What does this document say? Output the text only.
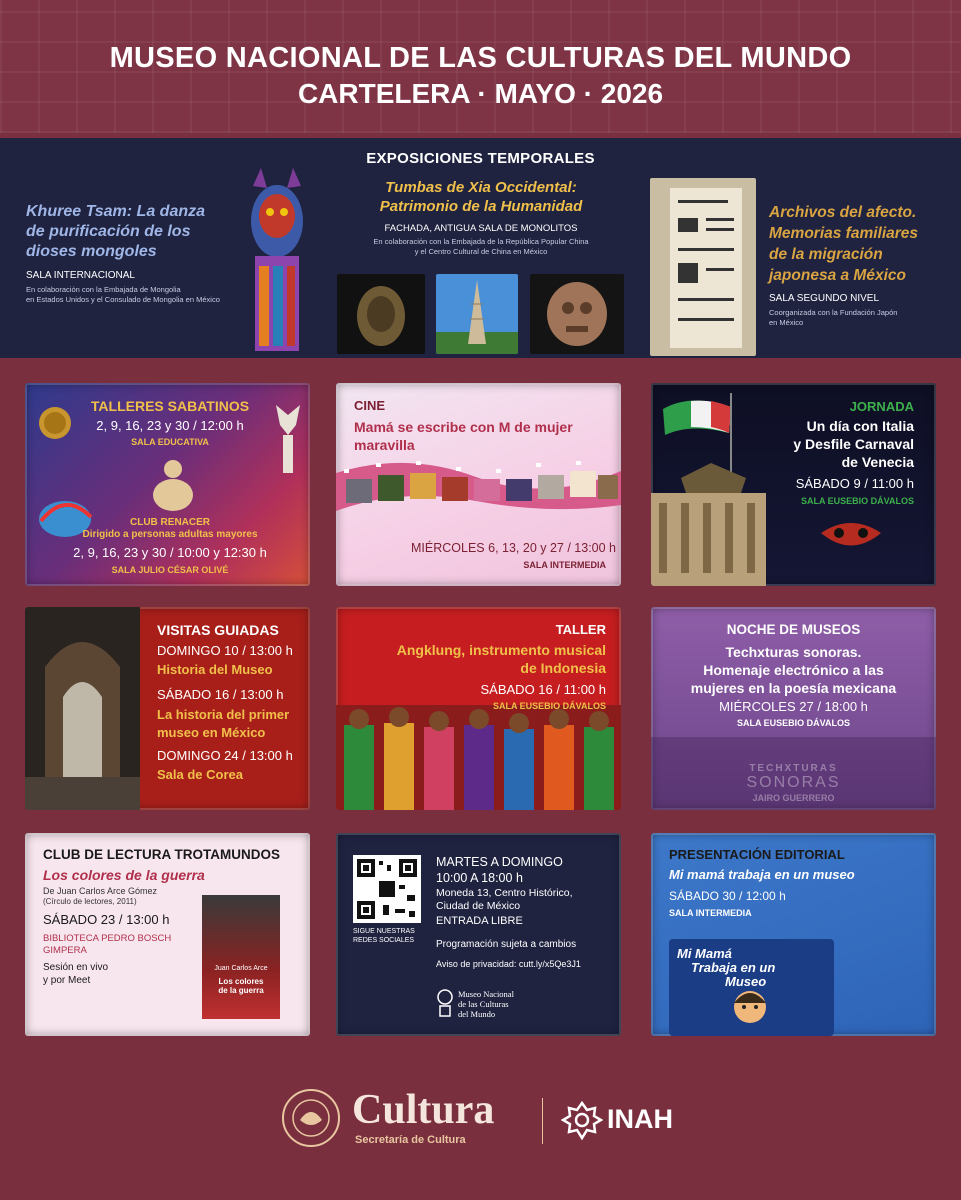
MUSEO NACIONAL DE LAS CULTURAS DEL MUNDO
CARTELERA · MAYO · 2026
EXPOSICIONES TEMPORALES
Khuree Tsam: La danza
de purificación de los
dioses mongoles
SALA INTERNACIONAL
En colaboración con la Embajada de Mongolia
en Estados Unidos y el Consulado de Mongolia en México
Tumbas de Xia Occidental:
Patrimonio de la Humanidad
FACHADA, ANTIGUA SALA DE MONOLITOS
En colaboración con la Embajada de la República Popular China
y el Centro Cultural de China en México
Archivos del afecto.
Memorias familiares
de la migración
japonesa a México
SALA SEGUNDO NIVEL
Coorganizada con la Fundación Japón
en México
TALLERES SABATINOS
2, 9, 16, 23 y 30 / 12:00 h
SALA EDUCATIVA
CLUB RENACER
Dirigido a personas adultas mayores
2, 9, 16, 23 y 30 / 10:00 y 12:30 h
SALA JULIO CÉSAR OLIVÉ
CINE
Mamá se escribe con M de mujer
maravilla
MIÉRCOLES 6, 13, 20 y 27 / 13:00 h
SALA INTERMEDIA
JORNADA
Un día con Italia
y Desfile Carnaval
de Venecia
SÁBADO 9 / 11:00 h
SALA EUSEBIO DÁVALOS
VISITAS GUIADAS
DOMINGO 10 / 13:00 h
Historia del Museo
SÁBADO 16 / 13:00 h
La historia del primer
museo en México
DOMINGO 24 / 13:00 h
Sala de Corea
TALLER
Angklung, instrumento musical
de Indonesia
SÁBADO 16 / 11:00 h
SALA EUSEBIO DÁVALOS
TECHXTURAS
SONORAS
JAIRO GUERRERO
NOCHE DE MUSEOS
Techxturas sonoras.
Homenaje electrónico a las
mujeres en la poesía mexicana
MIÉRCOLES 27 / 18:00 h
SALA EUSEBIO DÁVALOS
CLUB DE LECTURA TROTAMUNDOS
Los colores de la guerra
De Juan Carlos Arce Gómez
(Círculo de lectores, 2011)
SÁBADO 23 / 13:00 h
BIBLIOTECA PEDRO BOSCH
GIMPERA
Sesión en vivo
y por Meet
Juan Carlos Arce
Los colores
de la guerra
SIGUE NUESTRAS
REDES SOCIALES
MARTES A DOMINGO
10:00 A 18:00 h
Moneda 13, Centro Histórico,
Ciudad de México
ENTRADA LIBRE
Programación sujeta a cambios
Aviso de privacidad: cutt.ly/x5Qe3J1
Museo Nacional
de las Culturas
del Mundo
PRESENTACIÓN EDITORIAL
Mi mamá trabaja en un museo
SÁBADO 30 / 12:00 h
SALA INTERMEDIA
Mi Mamá
Trabaja en un
Museo
Cultura
Secretaría de Cultura
INAH
